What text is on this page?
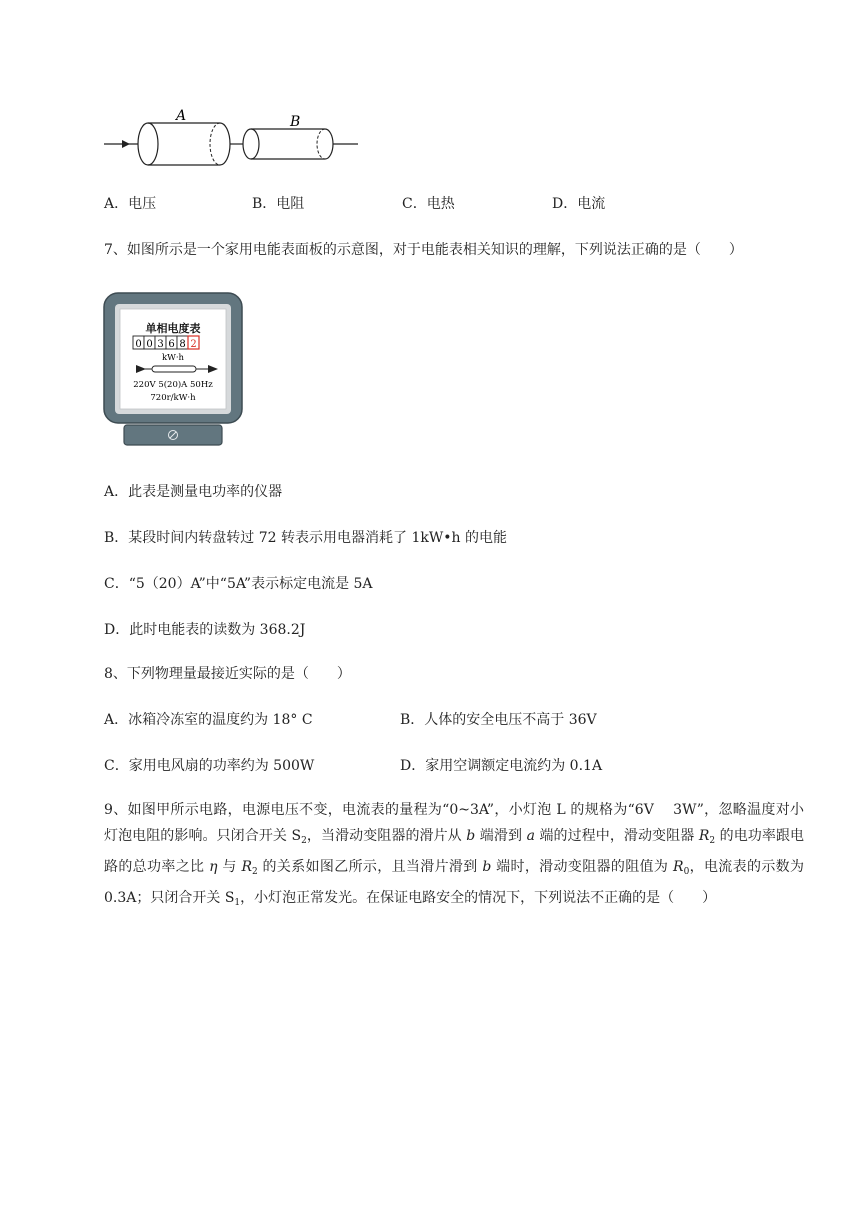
A	B
A．电压	B．电阻	C．电热	D．电流
7、如图所示是一个家用电能表面板的示意图，对于电能表相关知识的理解，下列说法正确的是（　　）
单相电度表
0 0 3 6 8 2
kW·h
220V 5(20)A 50Hz
720r/kW·h
A．此表是测量电功率的仪器
B．某段时间内转盘转过 72 转表示用电器消耗了 1kW•h 的电能
C．“5（20）A”中“5A”表示标定电流是 5A
D．此时电能表的读数为 368.2J
8、下列物理量最接近实际的是（　　）
A．冰箱冷冻室的温度约为 18° C	B．人体的安全电压不高于 36V
C．家用电风扇的功率约为 500W	D．家用空调额定电流约为 0.1A
9、如图甲所示电路，电源电压不变，电流表的量程为“0~3A”，小灯泡 L 的规格为“6V　 3W”，忽略温度对小灯泡电阻的影响。只闭合开关 $S_2$，当滑动变阻器的滑片从 b 端滑到 a 端的过程中，滑动变阻器 $R_2$ 的电功率跟电路的总功率之比 η 与 $R_2$ 的关系如图乙所示，且当滑片滑到 b 端时，滑动变阻器的阻值为 $R_0$，电流表的示数为 0.3A；只闭合开关 $S_1$，小灯泡正常发光。在保证电路安全的情况下，下列说法不正确的是（　　）
